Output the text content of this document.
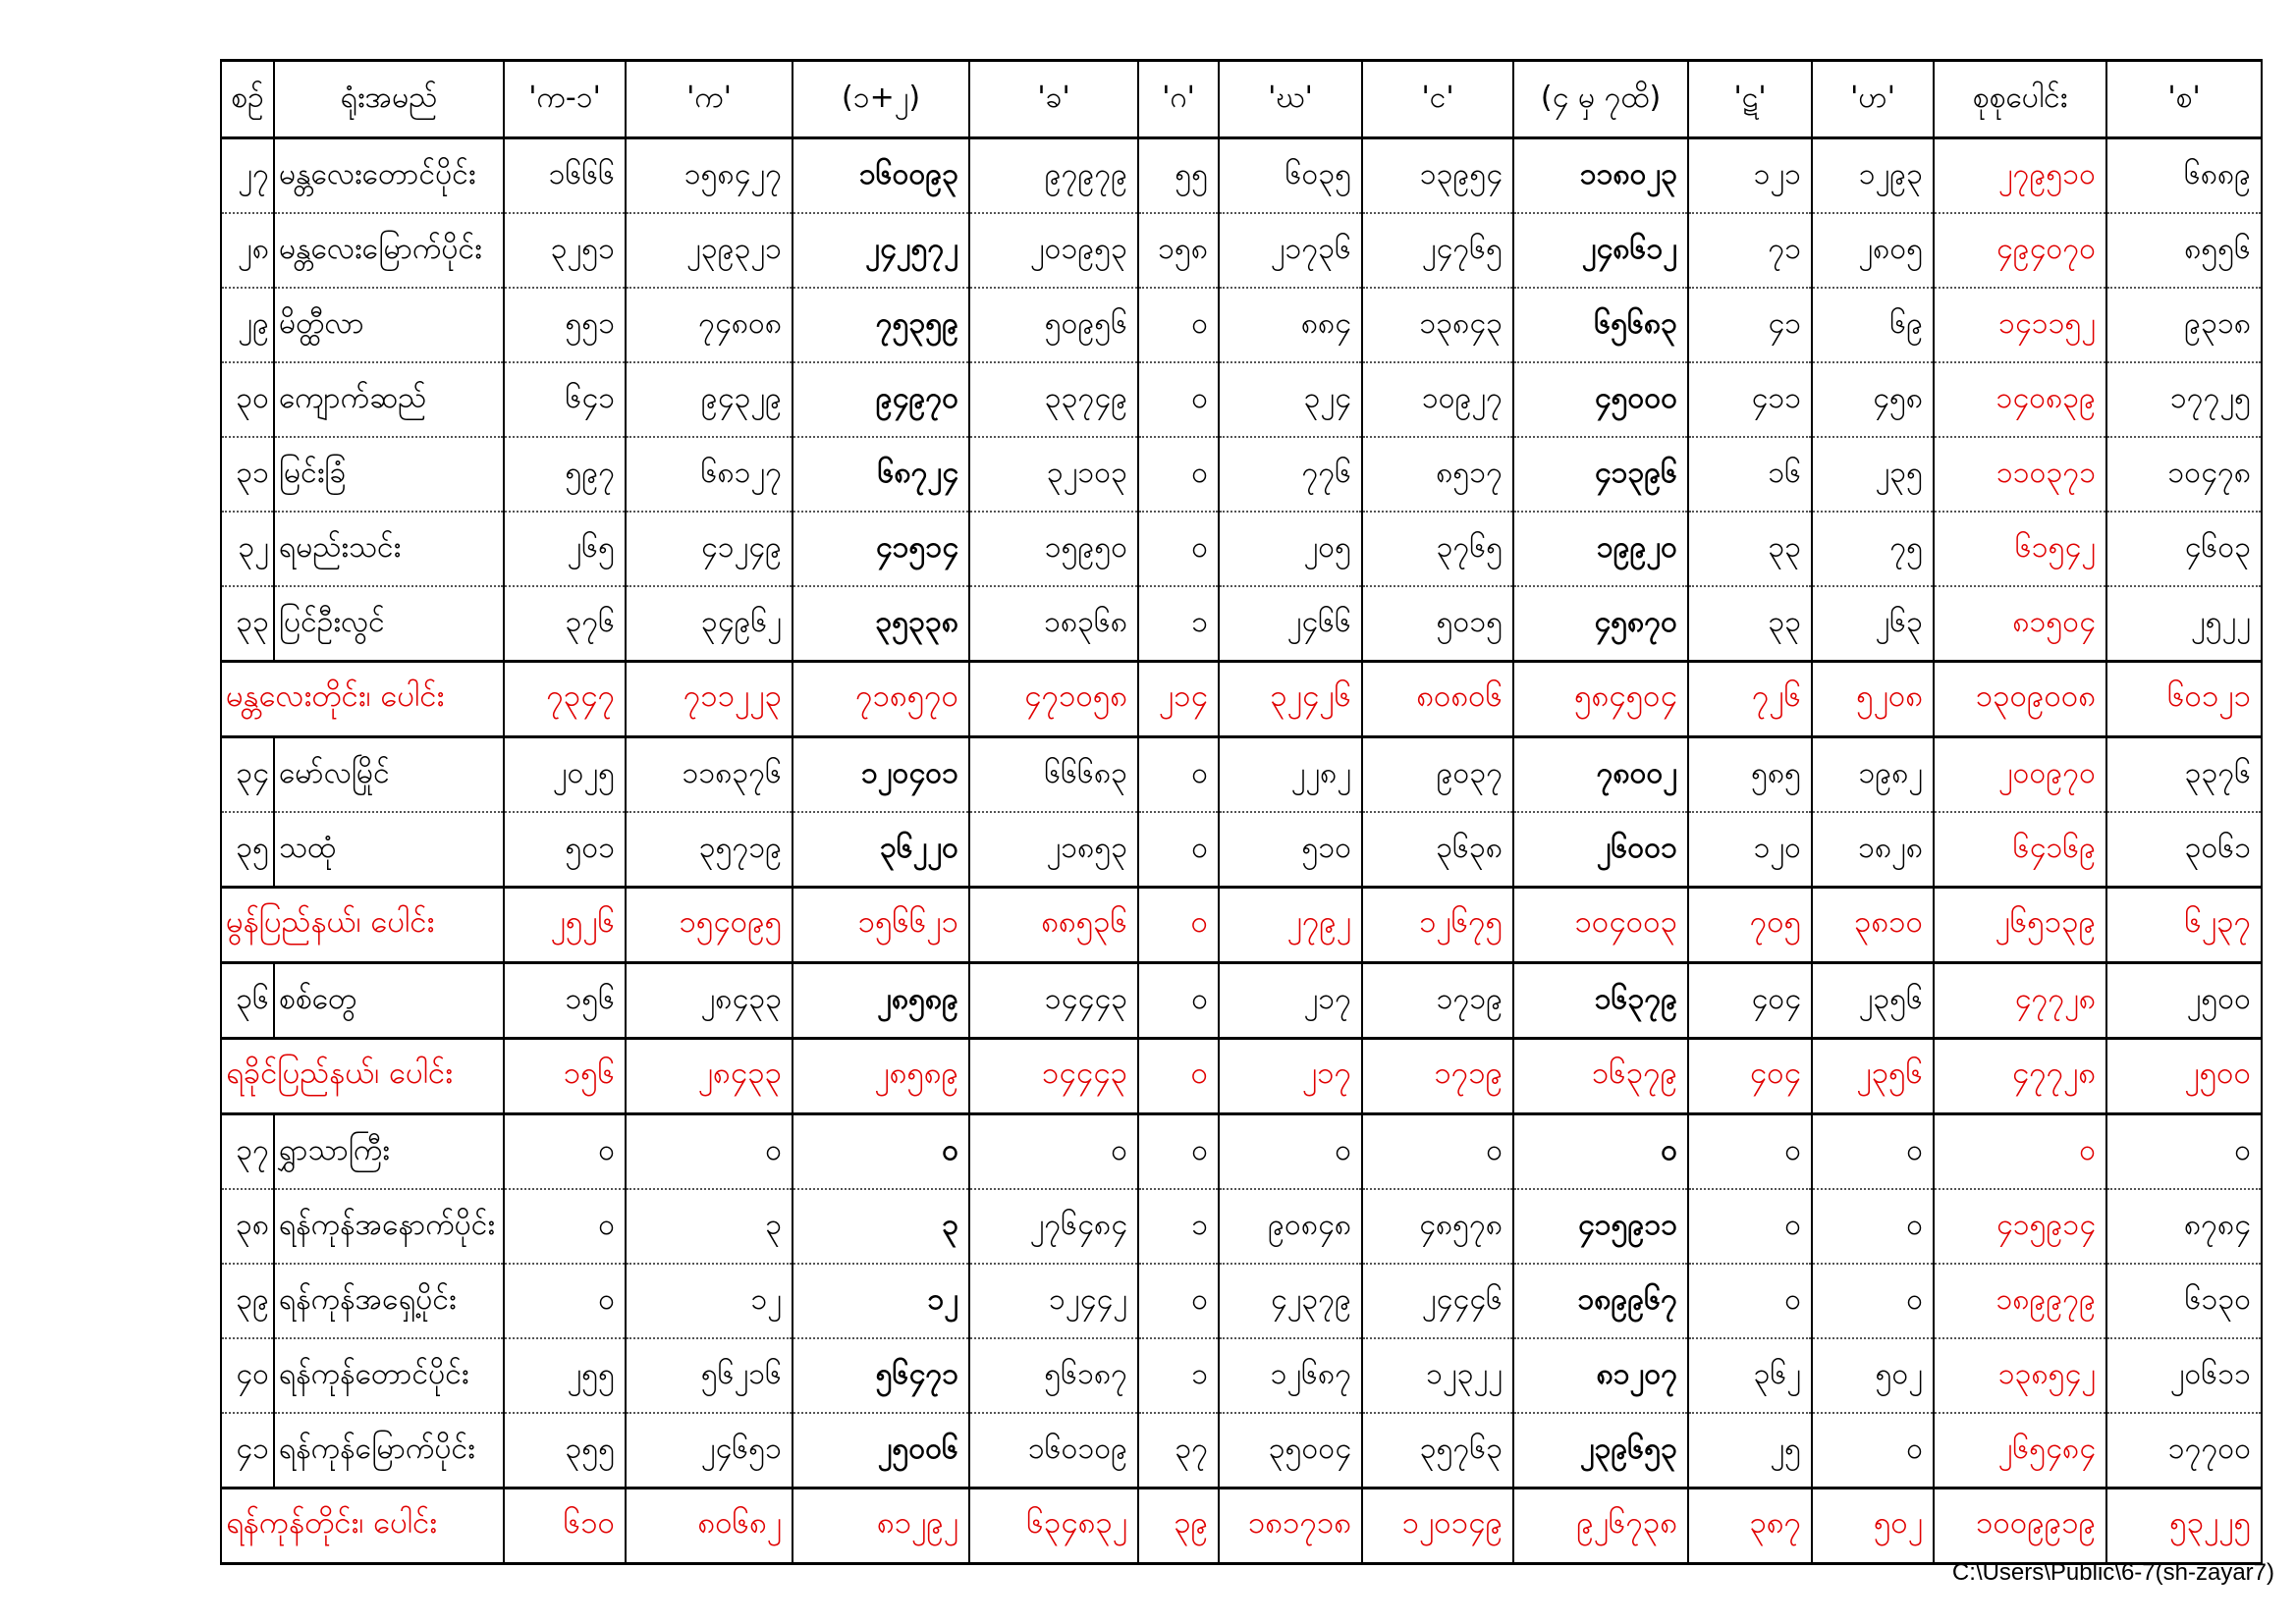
စဉ်	ရုံးအမည်	'က-၁'	'က'	(၁+၂)	'ခ'	'ဂ'	'ဃ'	'င'	(၄ မှ ၇ထိ)	'ဋ'	'ဟ'	စုစုပေါင်း	'စ'
၂၇	မန္တလေးတောင်ပိုင်း	၁၆၆၆	၁၅၈၄၂၇	၁၆၀၀၉၃	၉၇၉၇၉	၅၅	၆၀၃၅	၁၃၉၅၄	၁၁၈၀၂၃	၁၂၁	၁၂၉၃	၂၇၉၅၁၀	၆၈၈၉
၂၈	မန္တလေးမြောက်ပိုင်း	၃၂၅၁	၂၃၉၃၂၁	၂၄၂၅၇၂	၂၀၁၉၅၃	၁၅၈	၂၁၇၃၆	၂၄၇၆၅	၂၄၈၆၁၂	၇၁	၂၈၀၅	၄၉၄၀၇၀	၈၅၅၆
၂၉	မိတ္ထီလာ	၅၅၁	၇၄၈၀၈	၇၅၃၅၉	၅၀၉၅၆	၀	၈၈၄	၁၃၈၄၃	၆၅၆၈၃	၄၁	၆၉	၁၄၁၁၅၂	၉၃၁၈
၃၀	ကျောက်ဆည်	၆၄၁	၉၄၃၂၉	၉၄၉၇၀	၃၃၇၄၉	၀	၃၂၄	၁၀၉၂၇	၄၅၀၀၀	၄၁၁	၄၅၈	၁၄၀၈၃၉	၁၇၇၂၅
၃၁	မြင်းခြံ	၅၉၇	၆၈၁၂၇	၆၈၇၂၄	၃၂၁၀၃	၀	၇၇၆	၈၅၁၇	၄၁၃၉၆	၁၆	၂၃၅	၁၁၀၃၇၁	၁၀၄၇၈
၃၂	ရမည်းသင်း	၂၆၅	၄၁၂၄၉	၄၁၅၁၄	၁၅၉၅၀	၀	၂၀၅	၃၇၆၅	၁၉၉၂၀	၃၃	၇၅	၆၁၅၄၂	၄၆၀၃
၃၃	ပြင်ဦးလွင်	၃၇၆	၃၄၉၆၂	၃၅၃၃၈	၁၈၃၆၈	၁	၂၄၆၆	၅၀၁၅	၄၅၈၇၀	၃၃	၂၆၃	၈၁၅၀၄	၂၅၂၂
မန္တလေးတိုင်း၊ ပေါင်း		၇၃၄၇	၇၁၁၂၂၃	၇၁၈၅၇၀	၄၇၁၀၅၈	၂၁၄	၃၂၄၂၆	၈၀၈၀၆	၅၈၄၅၀၄	၇၂၆	၅၂၀၈	၁၃၀၉၀၀၈	၆၀၁၂၁
၃၄	မော်လမြိုင်	၂၀၂၅	၁၁၈၃၇၆	၁၂၀၄၀၁	၆၆၆၈၃	၀	၂၂၈၂	၉၀၃၇	၇၈၀၀၂	၅၈၅	၁၉၈၂	၂၀၀၉၇၀	၃၃၇၆
၃၅	သထုံ	၅၀၁	၃၅၇၁၉	၃၆၂၂၀	၂၁၈၅၃	၀	၅၁၀	၃၆၃၈	၂၆၀၀၁	၁၂၀	၁၈၂၈	၆၄၁၆၉	၃၀၆၁
မွန်ပြည်နယ်၊ ပေါင်း		၂၅၂၆	၁၅၄၀၉၅	၁၅၆၆၂၁	၈၈၅၃၆	၀	၂၇၉၂	၁၂၆၇၅	၁၀၄၀၀၃	၇၀၅	၃၈၁၀	၂၆၅၁၃၉	၆၂၃၇
၃၆	စစ်တွေ	၁၅၆	၂၈၄၃၃	၂၈၅၈၉	၁၄၄၄၃	၀	၂၁၇	၁၇၁၉	၁၆၃၇၉	၄၀၄	၂၃၅၆	၄၇၇၂၈	၂၅၀၀
ရခိုင်ပြည်နယ်၊ ပေါင်း		၁၅၆	၂၈၄၃၃	၂၈၅၈၉	၁၄၄၄၃	၀	၂၁၇	၁၇၁၉	၁၆၃၇၉	၄၀၄	၂၃၅၆	၄၇၇၂၈	၂၅၀၀
၃၇	ရွှာသာကြီး	၀	၀	၀	၀	၀	၀	၀	၀	၀	၀	၀	၀
၃၈	ရန်ကုန်အနောက်ပိုင်း	၀	၃	၃	၂၇၆၄၈၄	၁	၉၀၈၄၈	၄၈၅၇၈	၄၁၅၉၁၁	၀	၀	၄၁၅၉၁၄	၈၇၈၄
၃၉	ရန်ကုန်အရှေ့ပိုင်း	၀	၁၂	၁၂	၁၂၄၄၂	၀	၄၂၃၇၉	၂၄၄၄၆	၁၈၉၉၆၇	၀	၀	၁၈၉၉၇၉	၆၁၃၀
၄၀	ရန်ကုန်တောင်ပိုင်း	၂၅၅	၅၆၂၁၆	၅၆၄၇၁	၅၆၁၈၇	၁	၁၂၆၈၇	၁၂၃၂၂	၈၁၂၀၇	၃၆၂	၅၀၂	၁၃၈၅၄၂	၂၀၆၁၁
၄၁	ရန်ကုန်မြောက်ပိုင်း	၃၅၅	၂၄၆၅၁	၂၅၀၀၆	၁၆၀၁၀၉	၃၇	၃၅၀၀၄	၃၅၇၆၃	၂၃၉၆၅၃	၂၅	၀	၂၆၅၄၈၄	၁၇၇၀၀
ရန်ကုန်တိုင်း၊ ပေါင်း		၆၁၀	၈၀၆၈၂	၈၁၂၉၂	၆၃၄၈၃၂	၃၉	၁၈၁၇၁၈	၁၂၀၁၄၉	၉၂၆၇၃၈	၃၈၇	၅၀၂	၁၀၀၉၉၁၉	၅၃၂၂၅
C:\Users\Public\6-7(sh-zayar7)
